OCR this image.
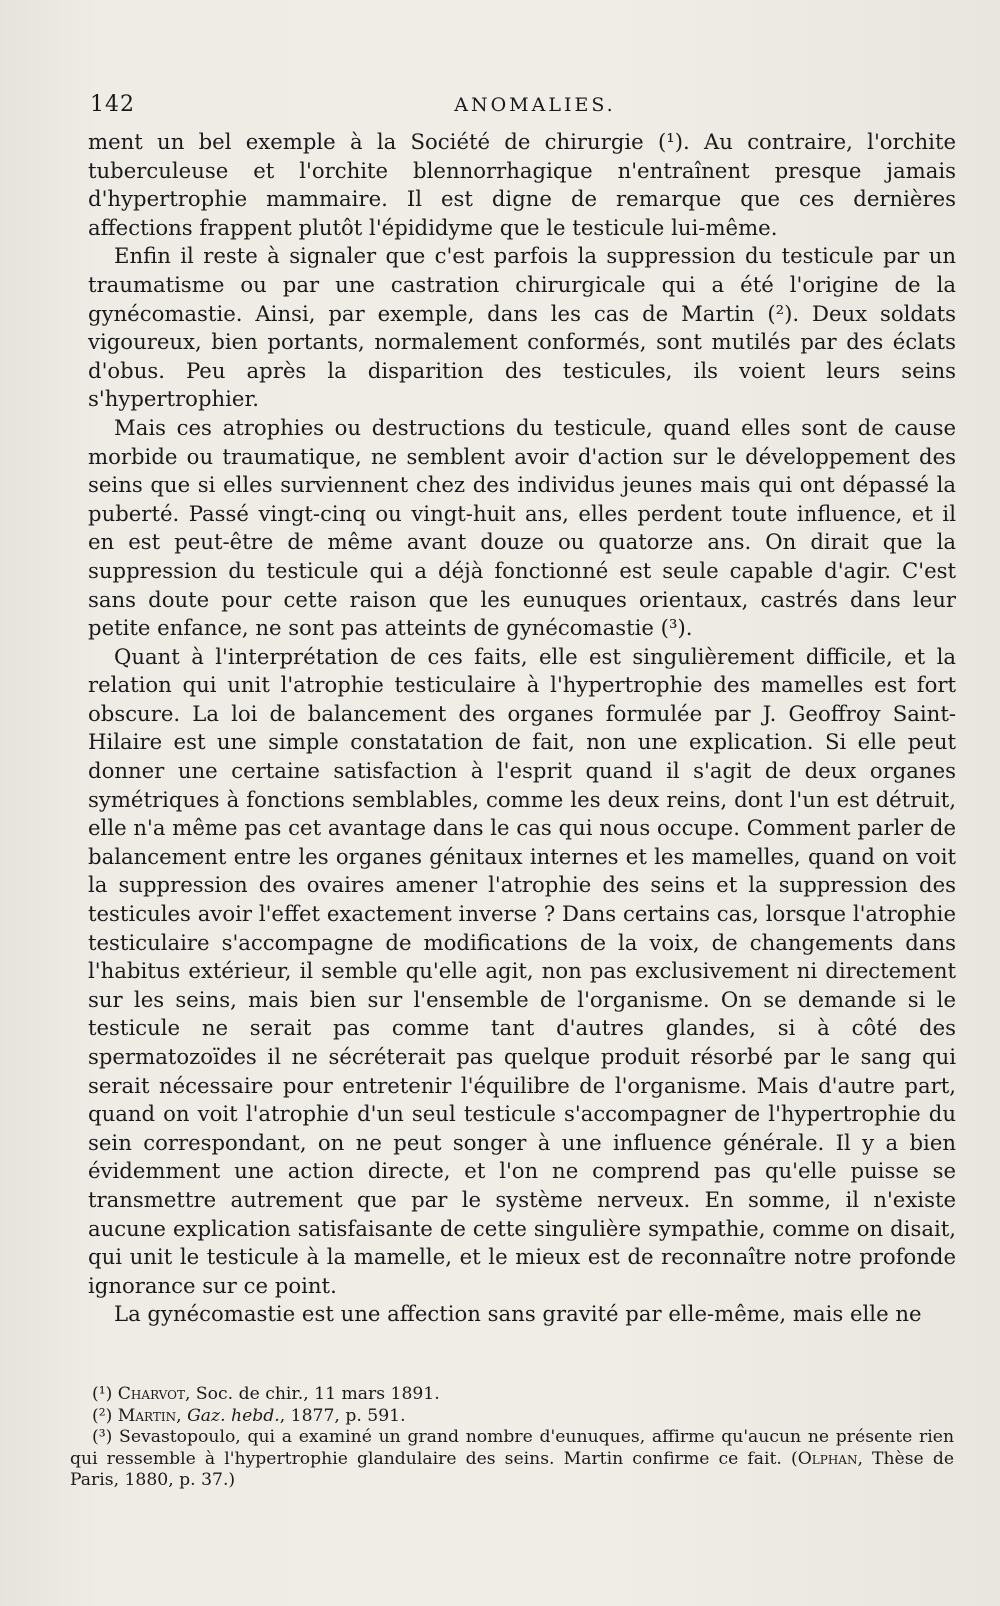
142	ANOMALIES.

ment un bel exemple à la Société de chirurgie (¹). Au contraire, l'orchite tuberculeuse et l'orchite blennorrhagique n'entraînent presque jamais d'hypertrophie mammaire. Il est digne de remarque que ces dernières affections frappent plutôt l'épididyme que le testicule lui-même.

Enfin il reste à signaler que c'est parfois la suppression du testicule par un traumatisme ou par une castration chirurgicale qui a été l'origine de la gynécomastie. Ainsi, par exemple, dans les cas de Martin (²). Deux soldats vigoureux, bien portants, normalement conformés, sont mutilés par des éclats d'obus. Peu après la disparition des testicules, ils voient leurs seins s'hypertrophier.

Mais ces atrophies ou destructions du testicule, quand elles sont de cause morbide ou traumatique, ne semblent avoir d'action sur le développement des seins que si elles surviennent chez des individus jeunes mais qui ont dépassé la puberté. Passé vingt-cinq ou vingt-huit ans, elles perdent toute influence, et il en est peut-être de même avant douze ou quatorze ans. On dirait que la suppression du testicule qui a déjà fonctionné est seule capable d'agir. C'est sans doute pour cette raison que les eunuques orientaux, castrés dans leur petite enfance, ne sont pas atteints de gynécomastie (³).

Quant à l'interprétation de ces faits, elle est singulièrement difficile, et la relation qui unit l'atrophie testiculaire à l'hypertrophie des mamelles est fort obscure. La loi de balancement des organes formulée par J. Geoffroy Saint-Hilaire est une simple constatation de fait, non une explication. Si elle peut donner une certaine satisfaction à l'esprit quand il s'agit de deux organes symétriques à fonctions semblables, comme les deux reins, dont l'un est détruit, elle n'a même pas cet avantage dans le cas qui nous occupe. Comment parler de balancement entre les organes génitaux internes et les mamelles, quand on voit la suppression des ovaires amener l'atrophie des seins et la suppression des testicules avoir l'effet exactement inverse ? Dans certains cas, lorsque l'atrophie testiculaire s'accompagne de modifications de la voix, de changements dans l'habitus extérieur, il semble qu'elle agit, non pas exclusivement ni directement sur les seins, mais bien sur l'ensemble de l'organisme. On se demande si le testicule ne serait pas comme tant d'autres glandes, si à côté des spermatozoïdes il ne sécréterait pas quelque produit résorbé par le sang qui serait nécessaire pour entretenir l'équilibre de l'organisme. Mais d'autre part, quand on voit l'atrophie d'un seul testicule s'accompagner de l'hypertrophie du sein correspondant, on ne peut songer à une influence générale. Il y a bien évidemment une action directe, et l'on ne comprend pas qu'elle puisse se transmettre autrement que par le système nerveux. En somme, il n'existe aucune explication satisfaisante de cette singulière sympathie, comme on disait, qui unit le testicule à la mamelle, et le mieux est de reconnaître notre profonde ignorance sur ce point.

La gynécomastie est une affection sans gravité par elle-même, mais elle ne

(¹) Charvot, Soc. de chir., 11 mars 1891.

(²) Martin, Gaz. hebd., 1877, p. 591.

(³) Sevastopoulo, qui a examiné un grand nombre d'eunuques, affirme qu'aucun ne présente rien qui ressemble à l'hypertrophie glandulaire des seins. Martin confirme ce fait. (Olphan, Thèse de Paris, 1880, p. 37.)
